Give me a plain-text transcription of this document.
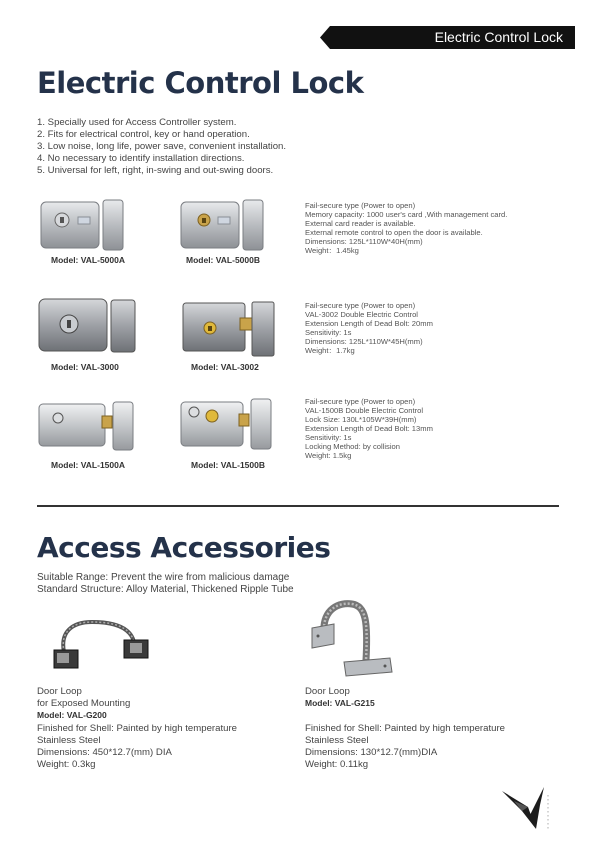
Electric Control Lock
Electric Control Lock
1. Specially used for Access Controller system.
2. Fits for electrical control, key or hand operation.
3. Low noise, long life, power save, convenient installation.
4. No necessary to identify installation directions.
5. Universal for left, right, in-swing and out-swing doors.
Model: VAL-5000A	Model: VAL-5000B
Fail-secure type (Power to open)
Memory capacity: 1000 user's card ,With management card.
External card reader is available.
External remote control to open the door is available.
Dimensions: 125L*110W*40H(mm)
Weight：1.45kg
Model: VAL-3000	Model: VAL-3002
Fail-secure type (Power to open)
VAL-3002 Double Electric Control
Extension Length of Dead Bolt: 20mm
Sensitivity: 1s
Dimensions: 125L*110W*45H(mm)
Weight：1.7kg
Model: VAL-1500A	Model: VAL-1500B
Fail-secure type (Power to open)
VAL-1500B Double Electric Control
Lock Size: 130L*105W*39H(mm)
Extension Length of Dead Bolt: 13mm
Sensitivity: 1s
Locking Method: by collision
Weight: 1.5kg
Access Accessories
Suitable Range: Prevent the wire from malicious damage
Standard Structure: Alloy Material, Thickened Ripple Tube
Door Loop
for Exposed Mounting
Model: VAL-G200
Finished for Shell: Painted by high temperature
Stainless Steel
Dimensions: 450*12.7(mm) DIA
Weight: 0.3kg
Door Loop
Model: VAL-G215
Finished for Shell: Painted by high temperature
Stainless Steel
Dimensions: 130*12.7(mm)DIA
Weight: 0.11kg
